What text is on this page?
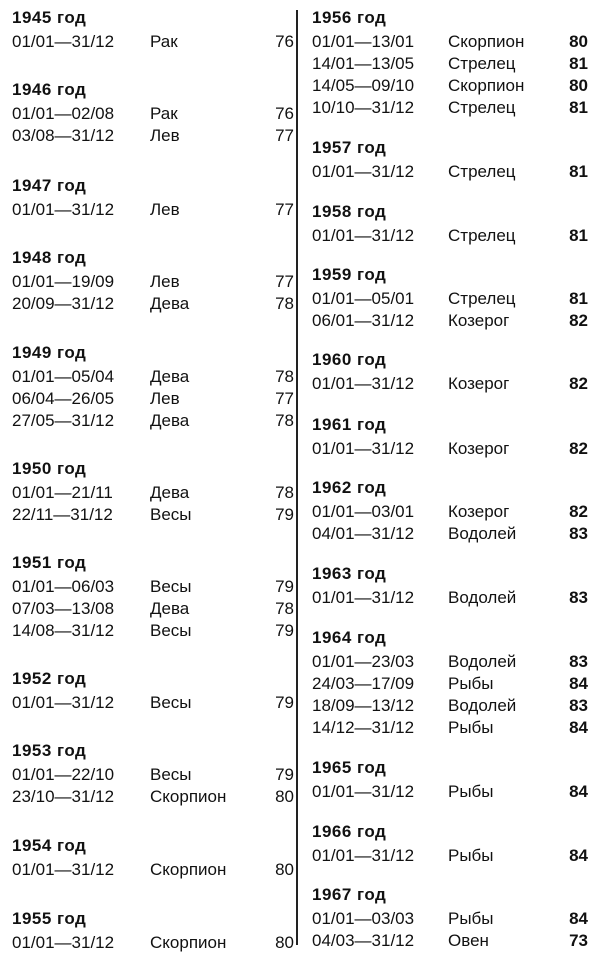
1945 год
01/01—31/12 Рак	76
1946 год
01/01—02/08 Рак	76
03/08—31/12 Лев	77
1947 год
01/01—31/12 Лев	77
1948 год
01/01—19/09 Лев	77
20/09—31/12 Дева	78
1949 год
01/01—05/04 Дева	78
06/04—26/05 Лев	77
27/05—31/12 Дева	78
1950 год
01/01—21/11 Дева	78
22/11—31/12 Весы	79
1951 год
01/01—06/03 Весы	79
07/03—13/08 Дева	78
14/08—31/12 Весы	79
1952 год
01/01—31/12 Весы	79
1953 год
01/01—22/10 Весы	79
23/10—31/12 Скорпион	80
1954 год
01/01—31/12 Скорпион	80
1955 год
01/01—31/12 Скорпион	80
1956 год
01/01—13/01 Скорпион	80
14/01—13/05 Стрелец	81
14/05—09/10 Скорпион	80
10/10—31/12 Стрелец	81
1957 год
01/01—31/12 Стрелец	81
1958 год
01/01—31/12 Стрелец	81
1959 год
01/01—05/01 Стрелец	81
06/01—31/12 Козерог	82
1960 год
01/01—31/12 Козерог	82
1961 год
01/01—31/12 Козерог	82
1962 год
01/01—03/01 Козерог	82
04/01—31/12 Водолей	83
1963 год
01/01—31/12 Водолей	83
1964 год
01/01—23/03 Водолей	83
24/03—17/09 Рыбы	84
18/09—13/12 Водолей	83
14/12—31/12 Рыбы	84
1965 год
01/01—31/12 Рыбы	84
1966 год
01/01—31/12 Рыбы	84
1967 год
01/01—03/03 Рыбы	84
04/03—31/12 Овен	73
